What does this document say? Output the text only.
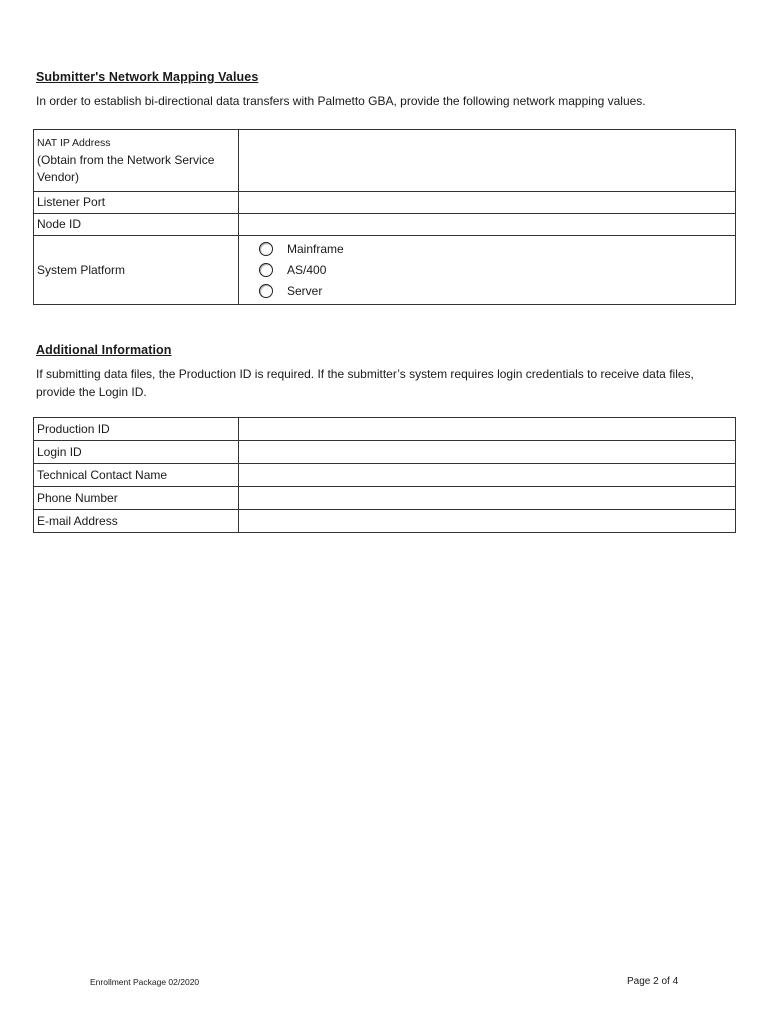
Submitter's Network Mapping Values
In order to establish bi-directional data transfers with Palmetto GBA, provide the following network mapping values.
NAT IP Address
(Obtain from the Network Service Vendor)	

Listener Port	
Node ID	
System Platform	Mainframe
AS/400
Server
Additional Information
If submitting data files, the Production ID is required. If the submitter’s system requires login credentials to receive data files, provide the Login ID.
Production ID	
Login ID	
Technical Contact Name	
Phone Number	
E-mail Address	
Enrollment Package 02/2020	Page 2 of 4
